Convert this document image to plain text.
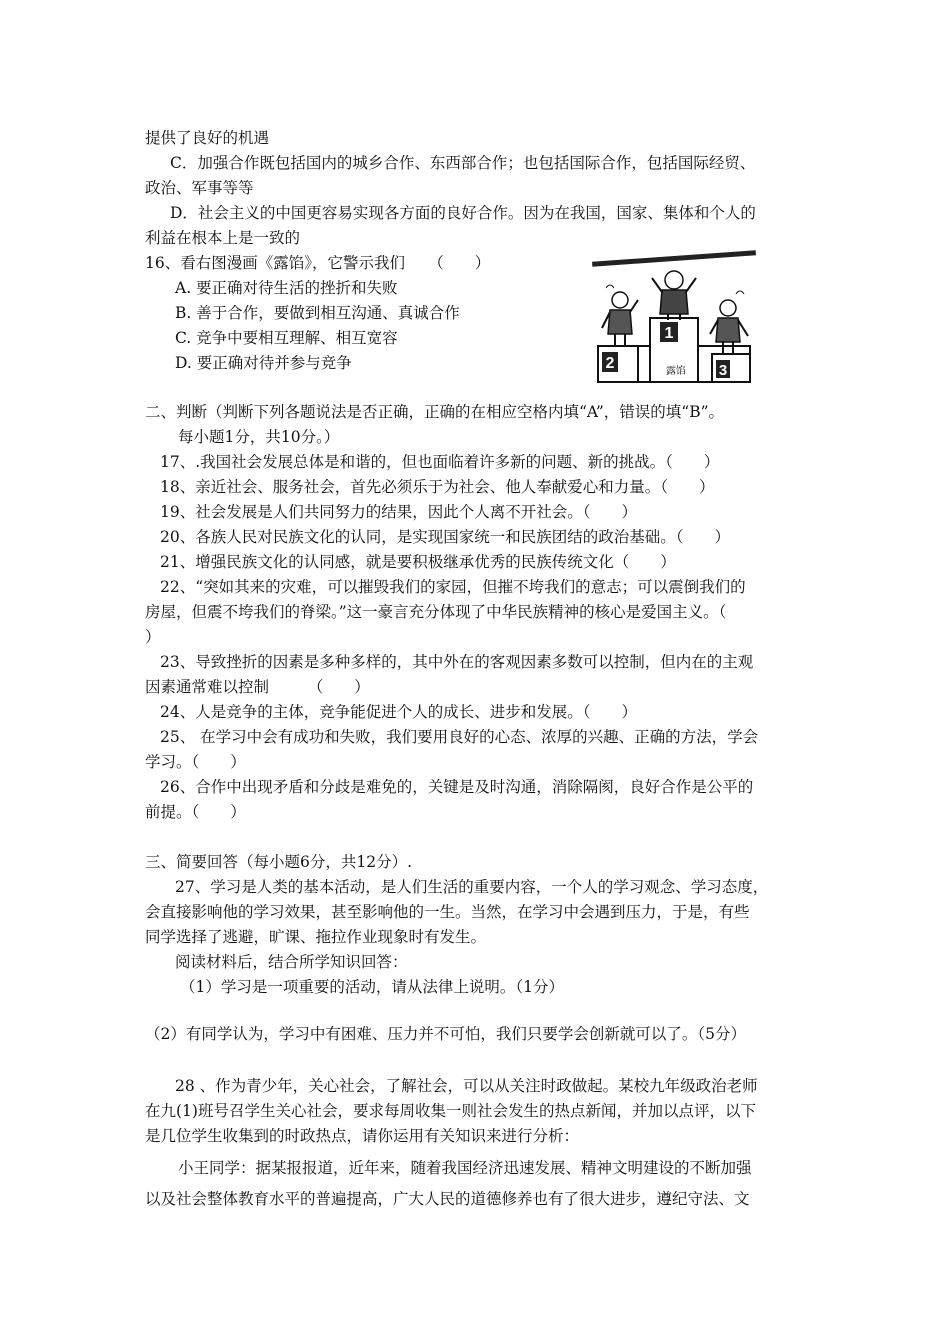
提供了良好的机遇
C．加强合作既包括国内的城乡合作、东西部合作；也包括国际合作，包括国际经贸、
政治、军事等等
D．社会主义的中国更容易实现各方面的良好合作。因为在我国，国家、集体和个人的
利益在根本上是一致的
16、看右图漫画《露馅》，它警示我们　　（　　）
A. 要正确对待生活的挫折和失败
B. 善于合作，要做到相互沟通、真诚合作
C. 竞争中要相互理解、相互宽容
D. 要正确对待并参与竞争
1
2	3
露馅
二、判断（判断下列各题说法是否正确，正确的在相应空格内填“A”，错误的填“B”。
每小题1分，共10分。）
17、.我国社会发展总体是和谐的，但也面临着许多新的问题、新的挑战。（　　）
18、亲近社会、服务社会，首先必须乐于为社会、他人奉献爱心和力量。（　　）
19、社会发展是人们共同努力的结果，因此个人离不开社会。（　　）
20、各族人民对民族文化的认同，是实现国家统一和民族团结的政治基础。（　　）
21、增强民族文化的认同感，就是要积极继承优秀的民族传统文化（　　）
22、“突如其来的灾难，可以摧毁我们的家园，但摧不垮我们的意志；可以震倒我们的
房屋，但震不垮我们的脊梁。”这一豪言充分体现了中华民族精神的核心是爱国主义。（
）
23、导致挫折的因素是多种多样的，其中外在的客观因素多数可以控制，但内在的主观
因素通常难以控制　　　（　　）
24、人是竞争的主体，竞争能促进个人的成长、进步和发展。（　　）
25、 在学习中会有成功和失败，我们要用良好的心态、浓厚的兴趣、正确的方法，学会
学习。（　　）
26、合作中出现矛盾和分歧是难免的，关键是及时沟通，消除隔阂，良好合作是公平的
前提。（　　）
三、简要回答（每小题6分，共12分）.
27、学习是人类的基本活动，是人们生活的重要内容，一个人的学习观念、学习态度，
会直接影响他的学习效果，甚至影响他的一生。当然，在学习中会遇到压力，于是，有些
同学选择了逃避，旷课、拖拉作业现象时有发生。
阅读材料后，结合所学知识回答：
（1）学习是一项重要的活动，请从法律上说明。（1分）
（2）有同学认为，学习中有困难、压力并不可怕，我们只要学会创新就可以了。（5分）
28 、作为青少年，关心社会，了解社会，可以从关注时政做起。某校九年级政治老师
在九(1)班号召学生关心社会，要求每周收集一则社会发生的热点新闻，并加以点评，以下
是几位学生收集到的时政热点，请你运用有关知识来进行分析：
小王同学：据某报报道，近年来，随着我国经济迅速发展、精神文明建设的不断加强
以及社会整体教育水平的普遍提高，广大人民的道德修养也有了很大进步，遵纪守法、文
